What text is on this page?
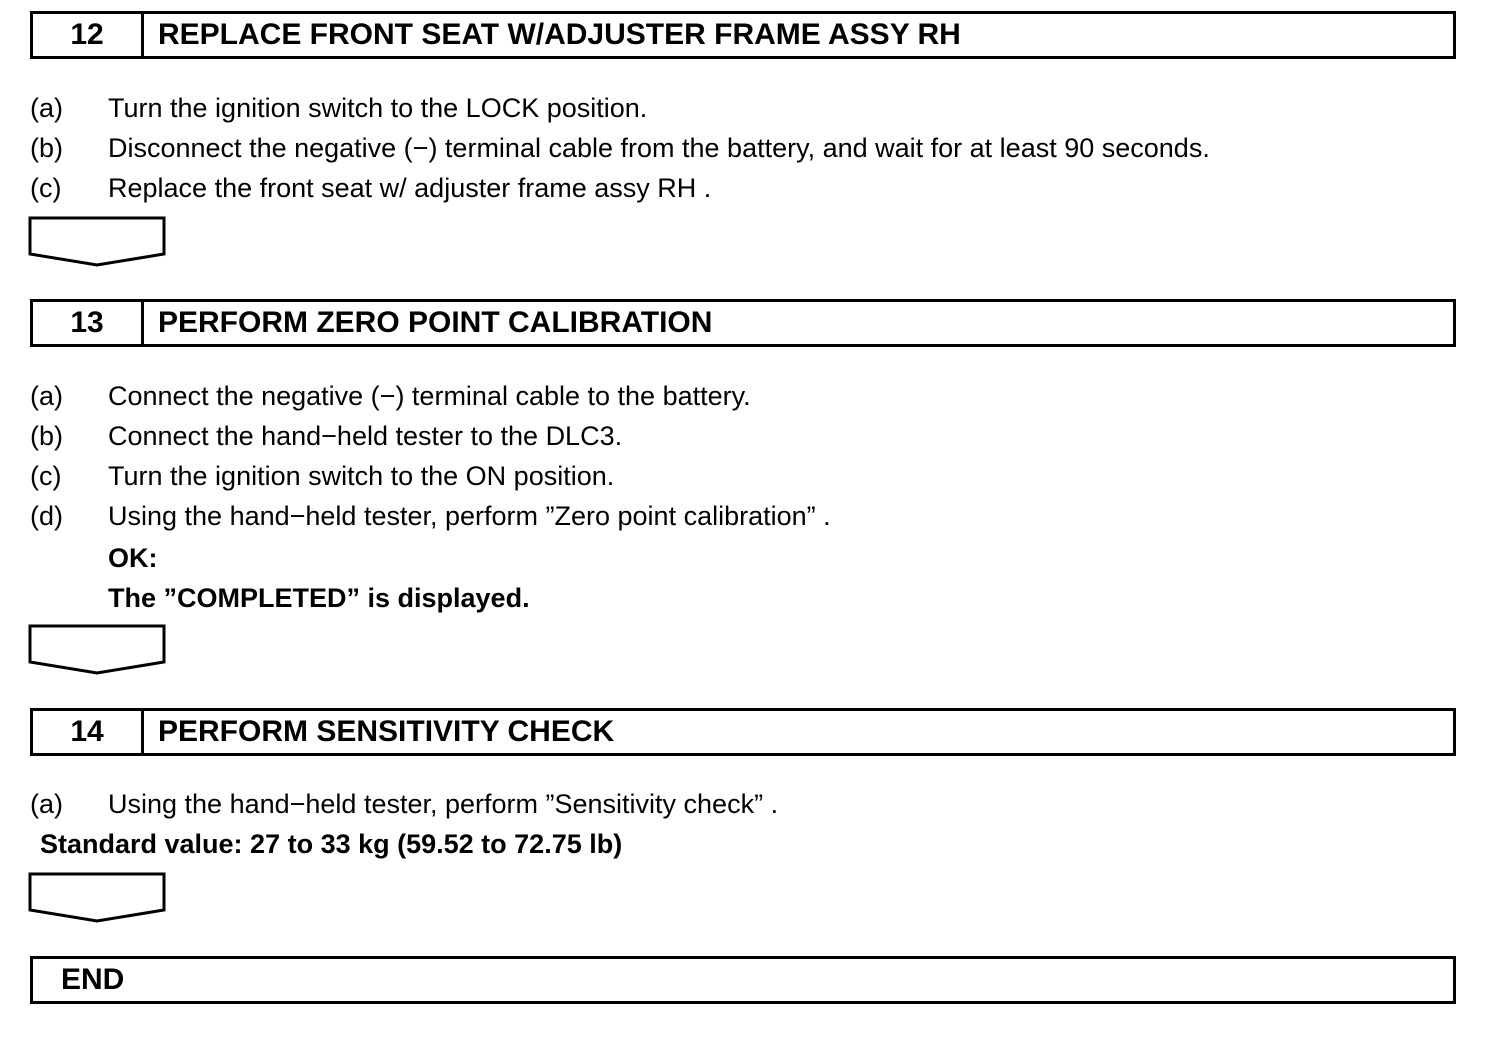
12	REPLACE FRONT SEAT W/ADJUSTER FRAME ASSY RH
(a) Turn the ignition switch to the LOCK position.
(b) Disconnect the negative (−) terminal cable from the battery, and wait for at least 90 seconds.
(c) Replace the front seat w/ adjuster frame assy RH .
13	PERFORM ZERO POINT CALIBRATION
(a) Connect the negative (−) terminal cable to the battery.
(b) Connect the hand−held tester to the DLC3.
(c) Turn the ignition switch to the ON position.
(d) Using the hand−held tester, perform ”Zero point calibration” .
OK:
The ”COMPLETED” is displayed.
14	PERFORM SENSITIVITY CHECK
(a) Using the hand−held tester, perform ”Sensitivity check” .
Standard value: 27 to 33 kg (59.52 to 72.75 lb)
END
